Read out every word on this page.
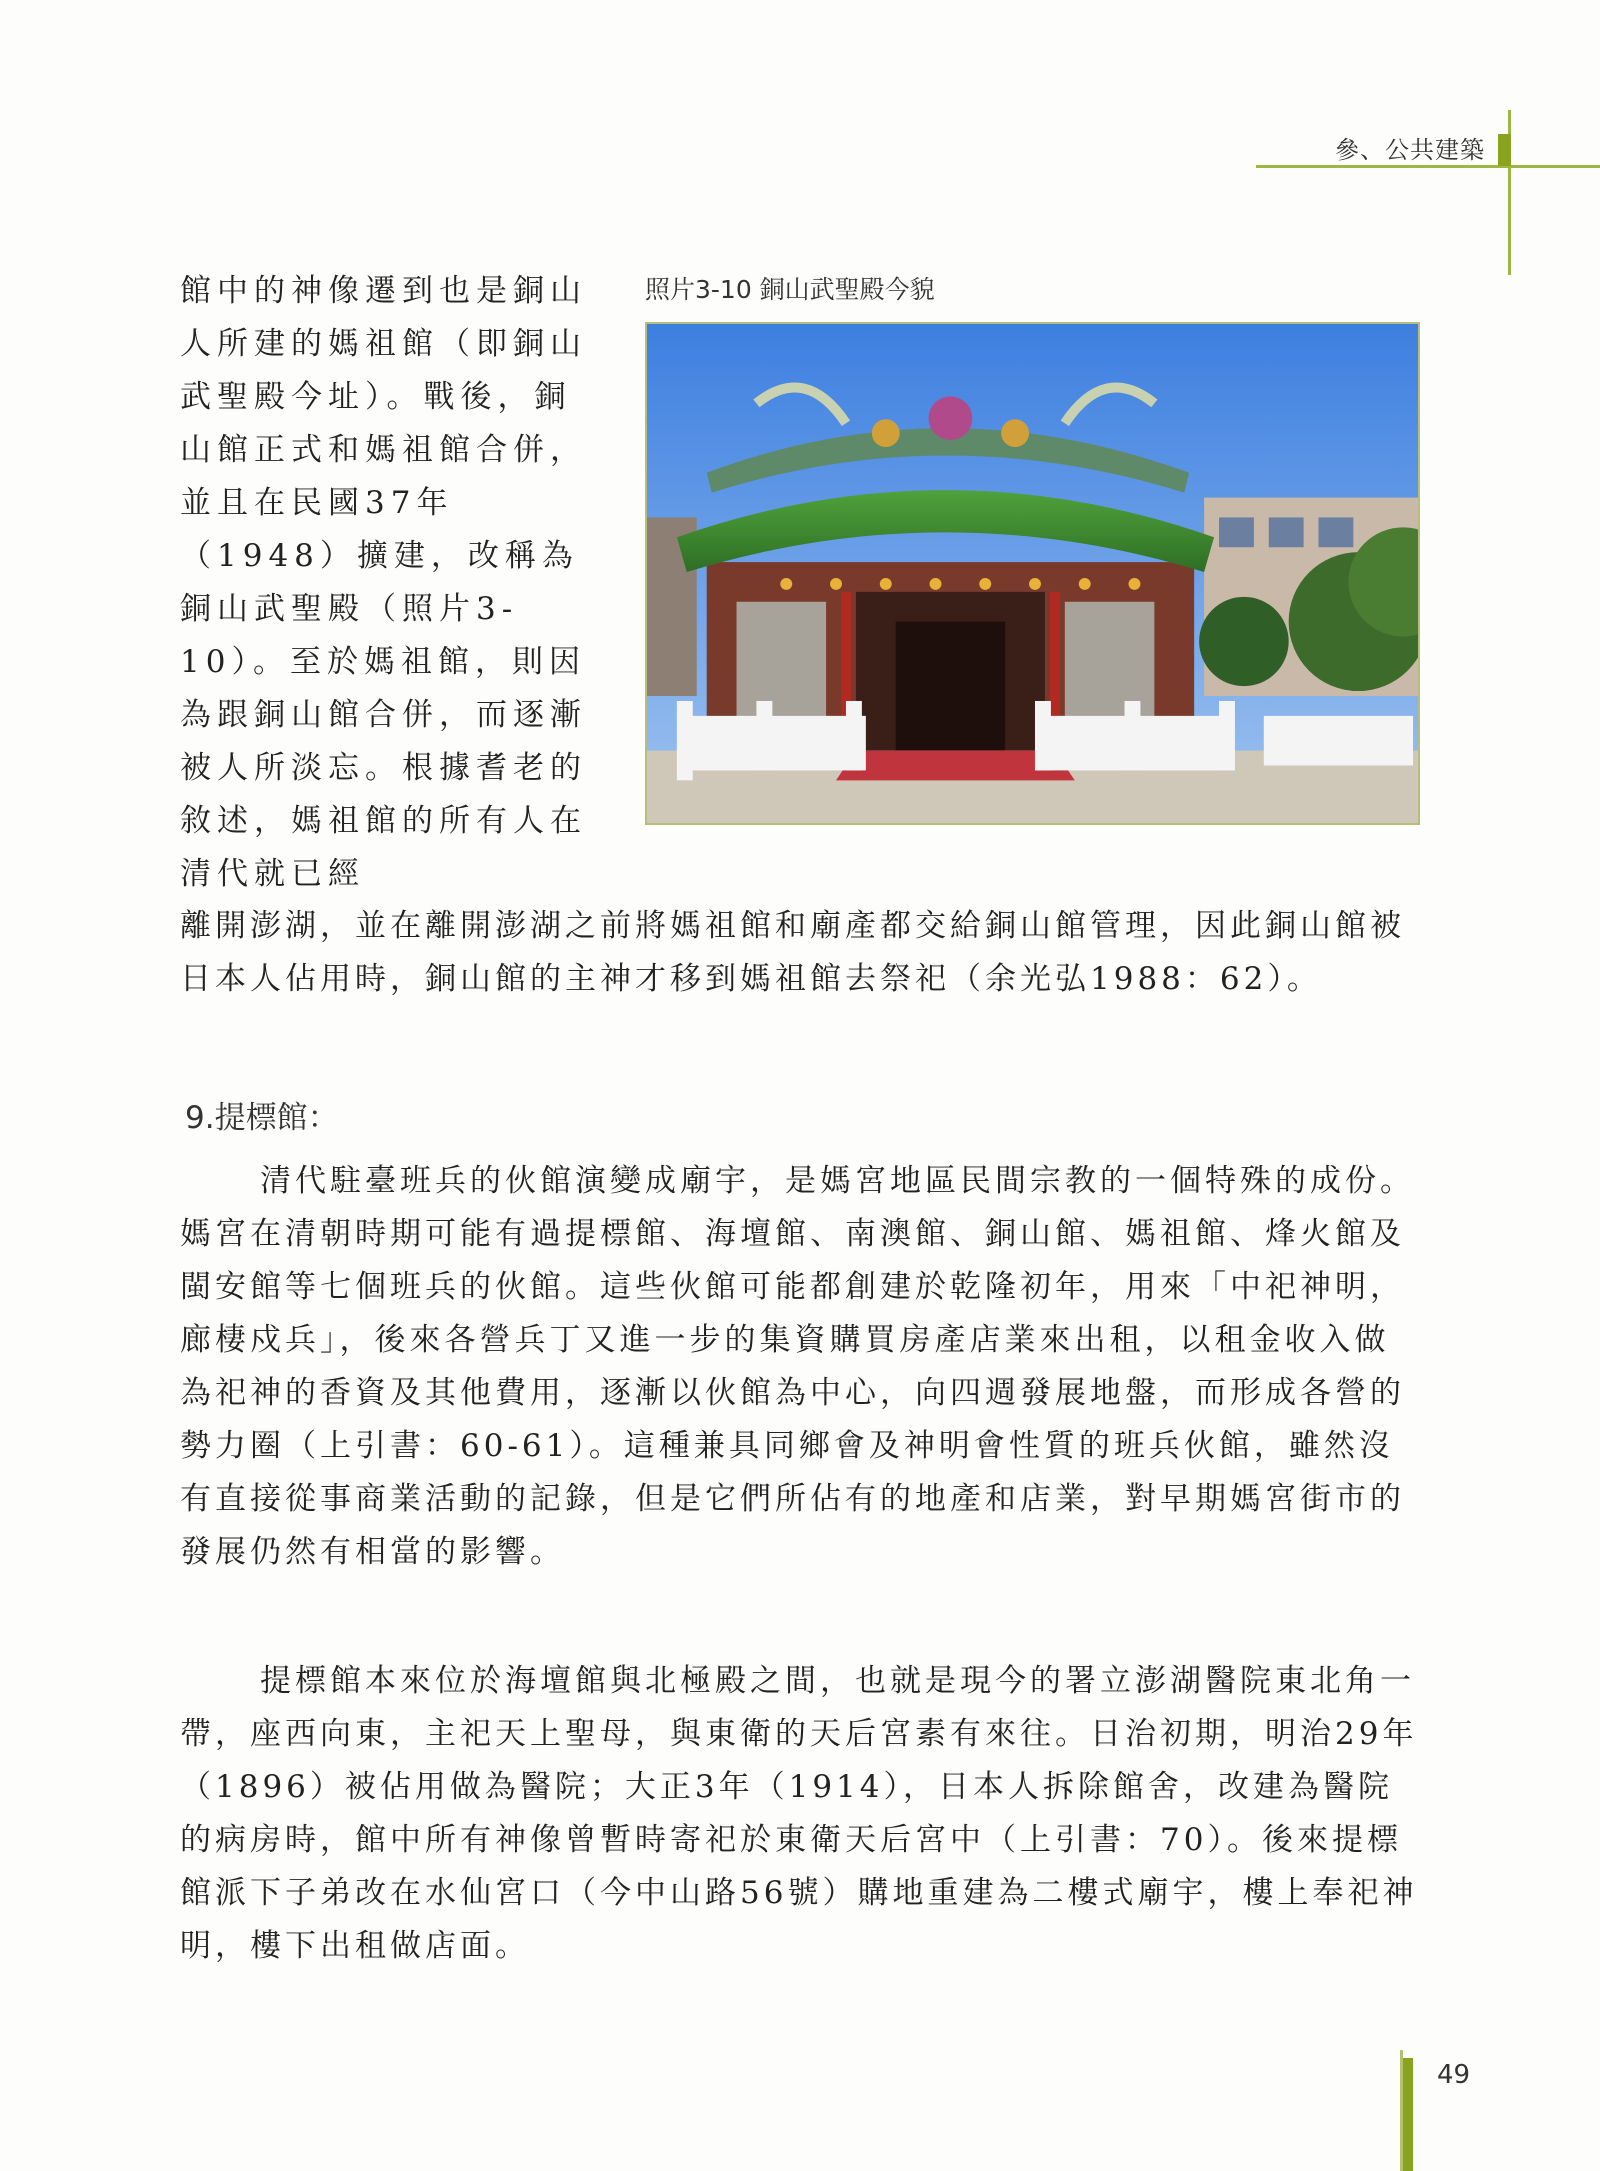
參、公共建築
照片3-10 銅山武聖殿今貌

館中的神像遷到也是銅山人所建的媽祖館（即銅山武聖殿今址）。戰後，銅山館正式和媽祖館合併，並且在民國37年（1948）擴建，改稱為銅山武聖殿（照片3-10）。至於媽祖館，則因為跟銅山館合併，而逐漸被人所淡忘。根據耆老的敘述，媽祖館的所有人在清代就已經

離開澎湖，並在離開澎湖之前將媽祖館和廟產都交給銅山館管理，因此銅山館被日本人佔用時，銅山館的主神才移到媽祖館去祭祀（余光弘1988：62）。

9.提標館：

清代駐臺班兵的伙館演變成廟宇，是媽宮地區民間宗教的一個特殊的成份。媽宮在清朝時期可能有過提標館、海壇館、南澳館、銅山館、媽祖館、烽火館及閩安館等七個班兵的伙館。這些伙館可能都創建於乾隆初年，用來「中祀神明，廊棲戍兵」，後來各營兵丁又進一步的集資購買房產店業來出租，以租金收入做為祀神的香資及其他費用，逐漸以伙館為中心，向四週發展地盤，而形成各營的勢力圈（上引書：60-61）。這種兼具同鄉會及神明會性質的班兵伙館，雖然沒有直接從事商業活動的記錄，但是它們所佔有的地產和店業，對早期媽宮街市的發展仍然有相當的影響。

提標館本來位於海壇館與北極殿之間，也就是現今的署立澎湖醫院東北角一帶，座西向東，主祀天上聖母，與東衛的天后宮素有來往。日治初期，明治29年（1896）被佔用做為醫院；大正3年（1914），日本人拆除館舍，改建為醫院的病房時，館中所有神像曾暫時寄祀於東衛天后宮中（上引書：70）。後來提標館派下子弟改在水仙宮口（今中山路56號）購地重建為二樓式廟宇，樓上奉祀神明，樓下出租做店面。

49
